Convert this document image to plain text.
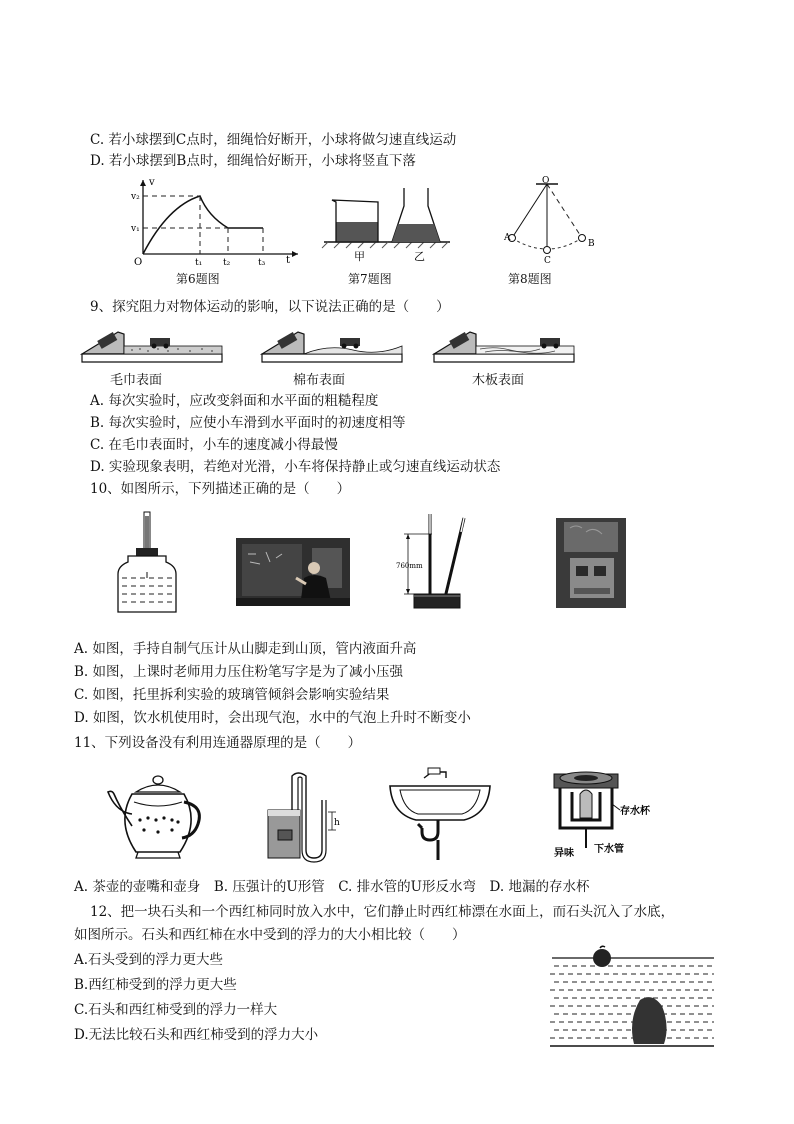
C. 若小球摆到C点时，细绳恰好断开，小球将做匀速直线运动
D. 若小球摆到B点时，细绳恰好断开，小球将竖直下落
v
t
v₂
v₁
t₁ t₂	t₃
O
第6题图
甲	乙
第7题图
O
A
B
C
第8题图
9、探究阻力对物体运动的影响，以下说法正确的是（　　）
毛巾表面	棉布表面	木板表面
A. 每次实验时，应改变斜面和水平面的粗糙程度
B. 每次实验时，应使小车滑到水平面时的初速度相等
C. 在毛巾表面时，小车的速度减小得最慢
D. 实验现象表明，若绝对光滑，小车将保持静止或匀速直线运动状态
10、如图所示，下列描述正确的是（　　）
760mm
A. 如图，手持自制气压计从山脚走到山顶，管内液面升高
B. 如图，上课时老师用力压住粉笔写字是为了减小压强
C. 如图，托里拆利实验的玻璃管倾斜会影响实验结果
D. 如图，饮水机使用时，会出现气泡，水中的气泡上升时不断变小
11、下列设备没有利用连通器原理的是（　　）
h
存水杯
异味 下水管
A. 茶壶的壶嘴和壶身　B. 压强计的U形管　C. 排水管的U形反水弯　D. 地漏的存水杯
12、把一块石头和一个西红柿同时放入水中，它们静止时西红柿漂在水面上，而石头沉入了水底，
如图所示。石头和西红柿在水中受到的浮力的大小相比较（　　）
A.石头受到的浮力更大些
B.西红柿受到的浮力更大些
C.石头和西红柿受到的浮力一样大
D.无法比较石头和西红柿受到的浮力大小
